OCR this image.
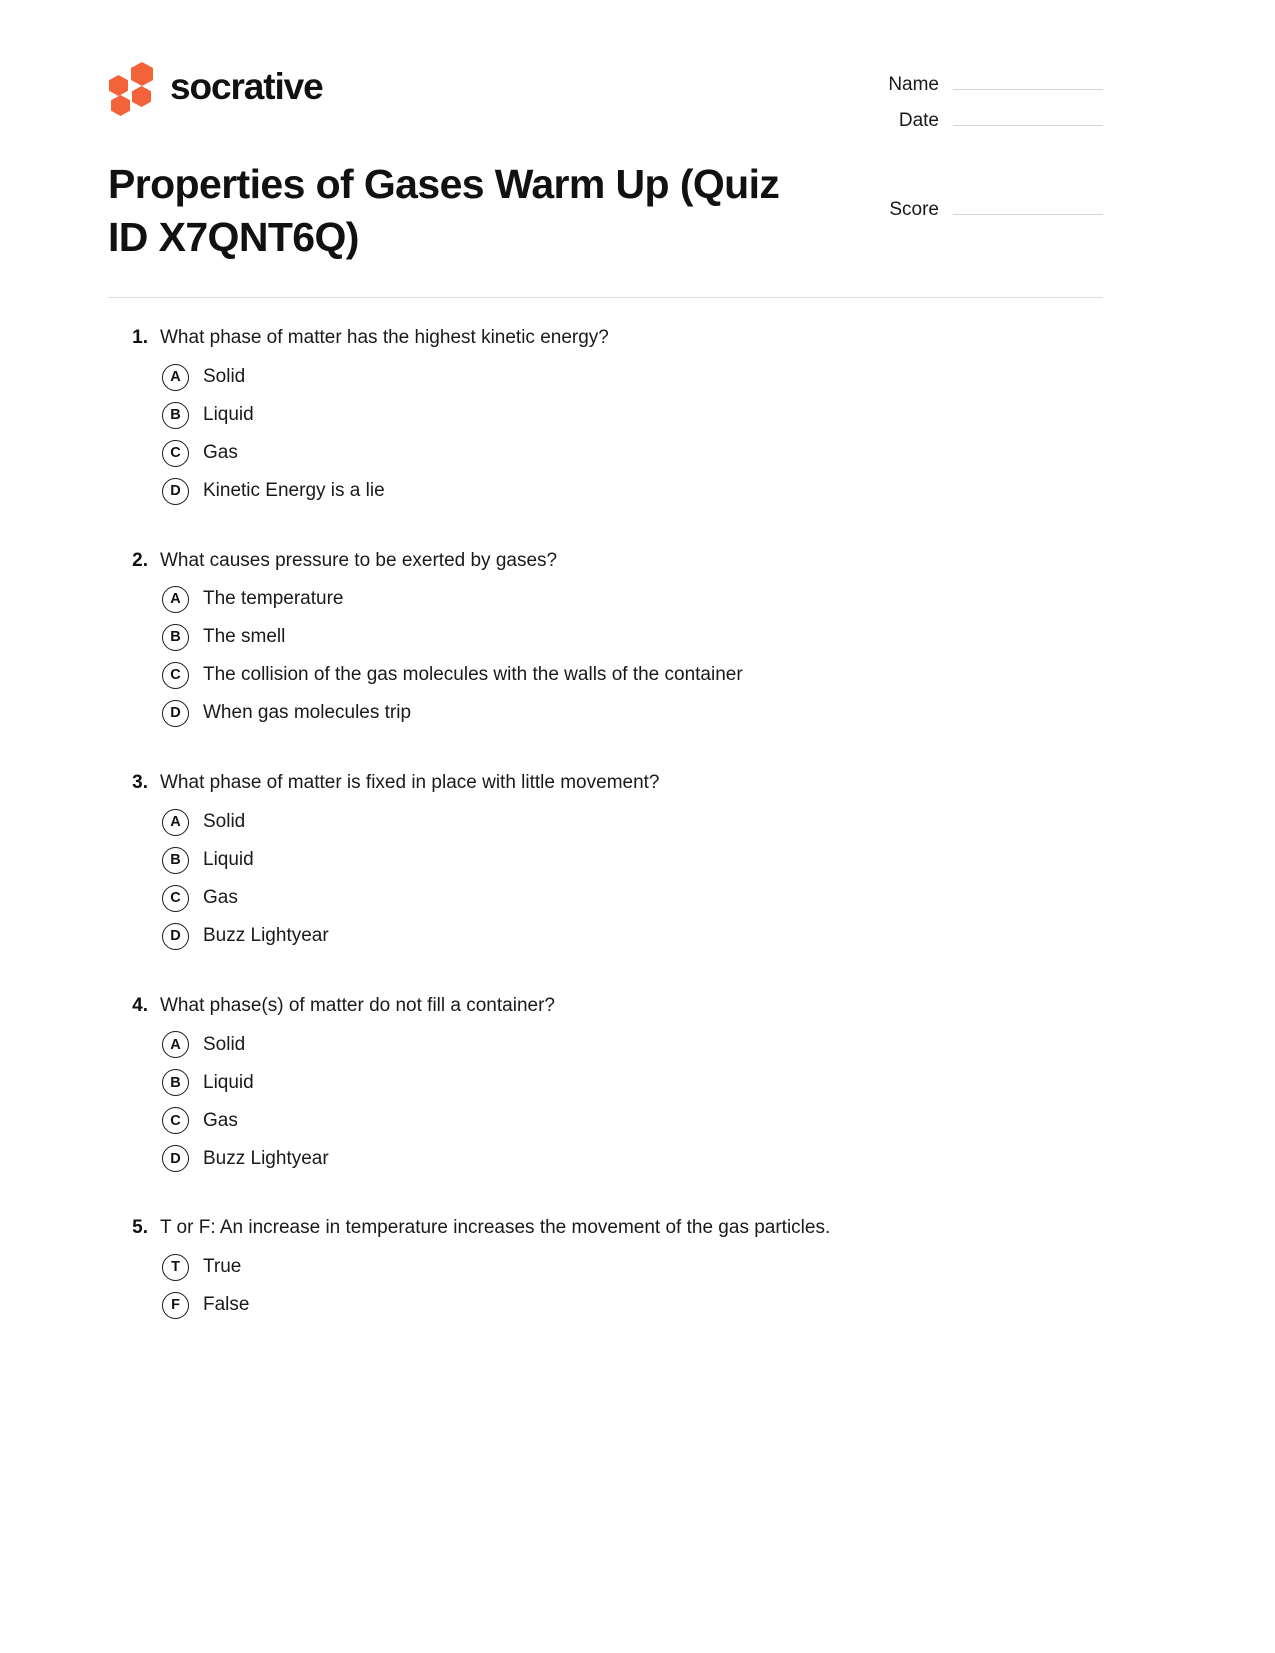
socrative	Name
Date
Score
Properties of Gases Warm Up (Quiz ID X7QNT6Q)
1. What phase of matter has the highest kinetic energy?
A	Solid
B	Liquid
C	Gas
D	Kinetic Energy is a lie
2. What causes pressure to be exerted by gases?
A	The temperature
B	The smell
C	The collision of the gas molecules with the walls of the container
D	When gas molecules trip
3. What phase of matter is fixed in place with little movement?
A	Solid
B	Liquid
C	Gas
D	Buzz Lightyear
4. What phase(s) of matter do not fill a container?
A	Solid
B	Liquid
C	Gas
D	Buzz Lightyear
5. T or F: An increase in temperature increases the movement of the gas particles.
T	True
F	False
